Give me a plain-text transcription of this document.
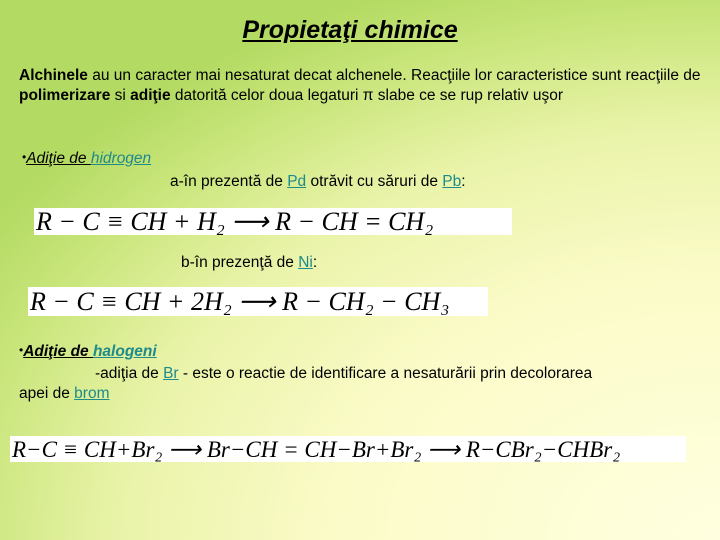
Propietaţi chimice
Alchinele au un caracter mai nesaturat decat alchenele. Reacţiile lor caracteristice sunt reacţiile de polimerizare si adiţie datorită celor doua legaturi π slabe ce se rup relativ uşor
•Adiţie de hidrogen
a-în prezentă de Pd otrăvit cu săruri de Pb:
R − C ≡ CH + H₂ ⟶ R − CH = CH₂
b-în prezenţă de Ni:
R − C ≡ CH + 2H₂ ⟶ R − CH₂ − CH₃
•Adiţie de halogeni
-adiţia de Br - este o reactie de identificare a nesaturării prin decolorarea
apei de brom
R−C ≡ CH+Br₂ ⟶ Br−CH = CH−Br+Br₂ ⟶ R−CBr₂−CHBr₂
